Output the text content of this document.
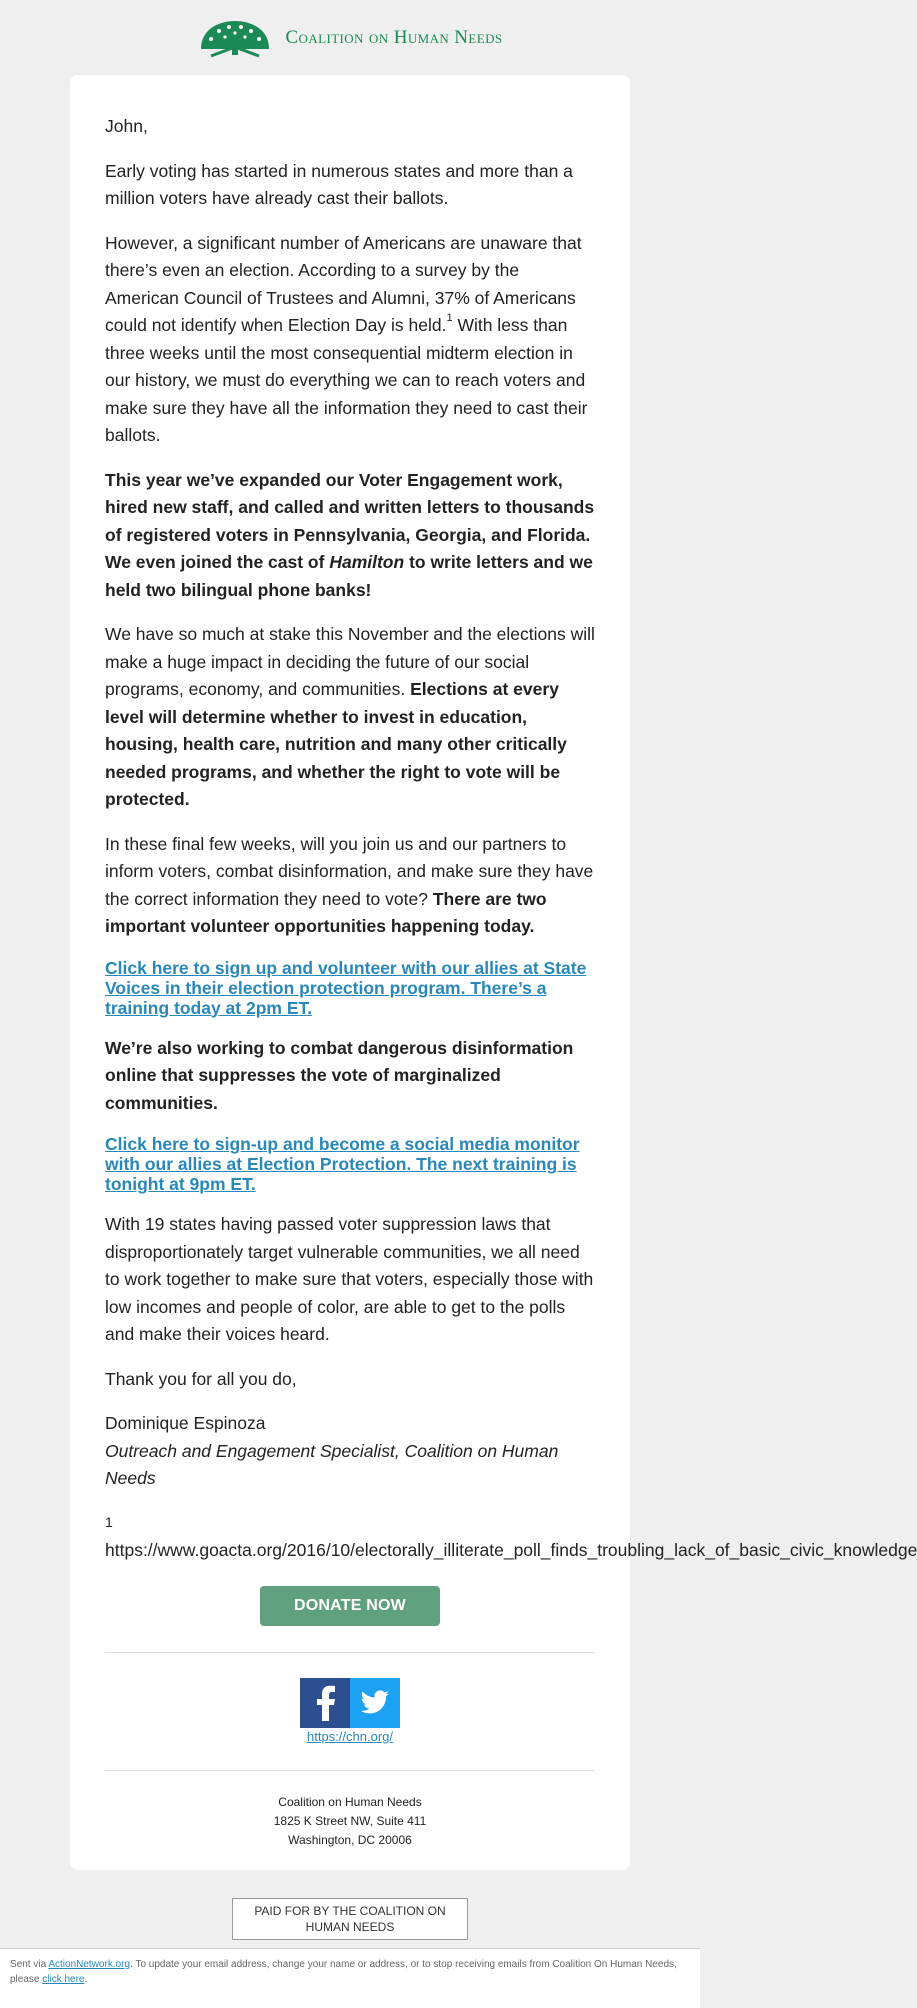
Coalition on Human Needs

John,

Early voting has started in numerous states and more than a million voters have already cast their ballots.

However, a significant number of Americans are unaware that there’s even an election. According to a survey by the American Council of Trustees and Alumni, 37% of Americans could not identify when Election Day is held.$^1$ With less than three weeks until the most consequential midterm election in our history, we must do everything we can to reach voters and make sure they have all the information they need to cast their ballots.

This year we’ve expanded our Voter Engagement work, hired new staff, and called and written letters to thousands of registered voters in Pennsylvania, Georgia, and Florida. We even joined the cast of Hamilton to write letters and we held two bilingual phone banks!

We have so much at stake this November and the elections will make a huge impact in deciding the future of our social programs, economy, and communities. Elections at every level will determine whether to invest in education, housing, health care, nutrition and many other critically needed programs, and whether the right to vote will be protected.

In these final few weeks, will you join us and our partners to inform voters, combat disinformation, and make sure they have the correct information they need to vote? There are two important volunteer opportunities happening today.

Click here to sign up and volunteer with our allies at State Voices in their election protection program. There’s a training today at 2pm ET.

We’re also working to combat dangerous disinformation online that suppresses the vote of marginalized communities.

Click here to sign-up and become a social media monitor with our allies at Election Protection. The next training is tonight at 9pm ET.

With 19 states having passed voter suppression laws that disproportionately target vulnerable communities, we all need to work together to make sure that voters, especially those with low incomes and people of color, are able to get to the polls and make their voices heard.

Thank you for all you do,

Dominique Espinoza
Outreach and Engagement Specialist, Coalition on Human Needs

1
https://www.goacta.org/2016/10/electorally_illiterate_poll_finds_troubling_lack_of_basic_civic_knowledge
DONATE NOW
https://chn.org/
Coalition on Human Needs
1825 K Street NW, Suite 411
Washington, DC 20006
PAID FOR BY THE COALITION ON HUMAN NEEDS
Sent via ActionNetwork.org. To update your email address, change your name or address, or to stop receiving emails from Coalition On Human Needs, please click here.
